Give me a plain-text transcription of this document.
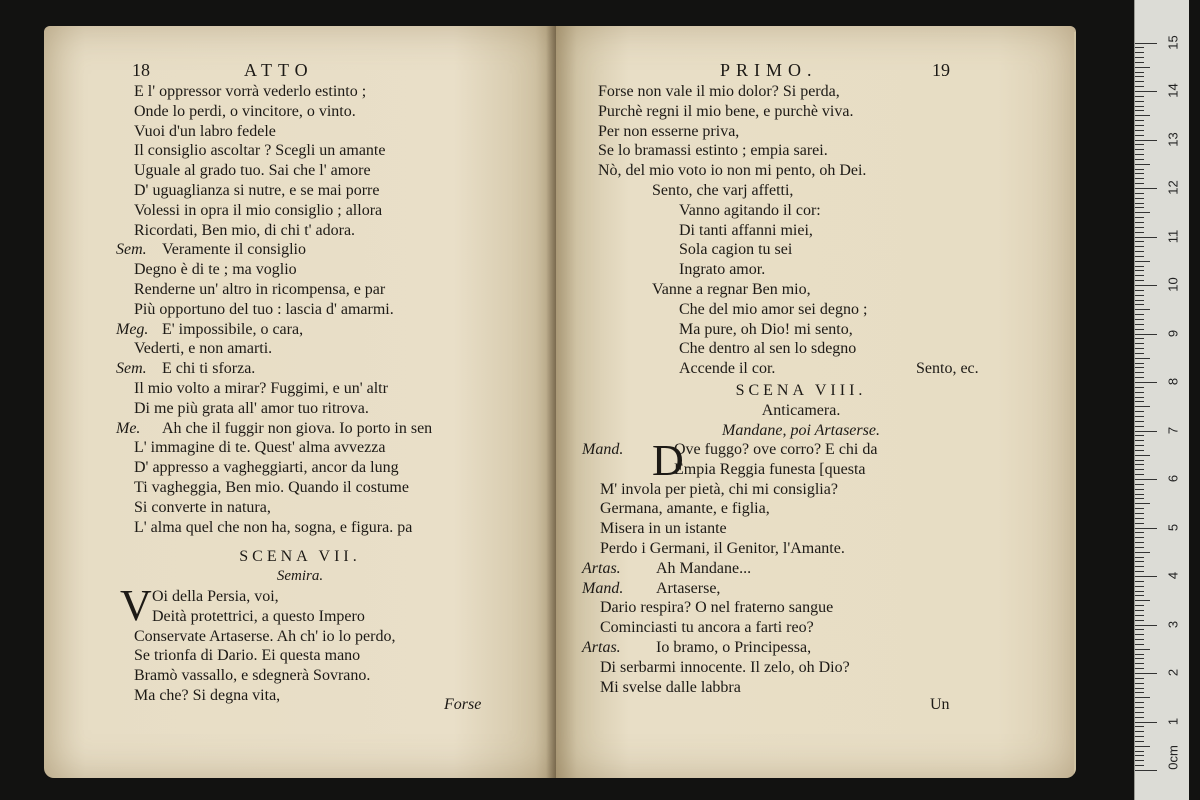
18	ATTO
E l' oppressor vorrà vederlo estinto ;
Onde lo perdi, o vincitore, o vinto.
Vuoi d'un labro fedele
Il consiglio ascoltar ? Scegli un amante
Uguale al grado tuo. Sai che l' amore
D' uguaglianza si nutre, e se mai porre
Volessi in opra il mio consiglio ; allora
Ricordati, Ben mio, di chi t' adora.
Sem. Veramente il consiglio
Degno è di te ; ma voglio
Renderne un' altro in ricompensa, e par
Più opportuno del tuo : lascia d' amarmi.
Meg. E' impossibile, o cara,
Vederti, e non amarti.
Sem. E chi ti sforza.
Il mio volto a mirar? Fuggimi, e un' altr
Di me più grata all' amor tuo ritrova.
Me. Ah che il fuggir non giova. Io porto in sen
L' immagine di te. Quest' alma avvezza
D' appresso a vagheggiarti, ancor da lung
Ti vagheggia, Ben mio. Quando il costume
Si converte in natura,
L' alma quel che non ha, sogna, e figura. pa
SCENA VII.
Semira.
V Oi della Persia, voi,
Deità protettrici, a questo Impero
Conservate Artaserse. Ah ch' io lo perdo,
Se trionfa di Dario. Ei questa mano
Bramò vassallo, e sdegnerà Sovrano.
Ma che? Si degna vita,
Forse
PRIMO.	19
Forse non vale il mio dolor? Si perda,
Purchè regni il mio bene, e purchè viva.
Per non esserne priva,
Se lo bramassi estinto ; empia sarei.
Nò, del mio voto io non mi pento, oh Dei.
Sento, che varj affetti,
Vanno agitando il cor:
Di tanti affanni miei,
Sola cagion tu sei
Ingrato amor.
Vanne a regnar Ben mio,
Che del mio amor sei degno ;
Ma pure, oh Dio! mi sento,
Che dentro al sen lo sdegno
Accende il cor.	Sento, ec.
SCENA VIII.
Anticamera.
Mandane, poi Artaserse.
D
Mand.	Ove fuggo? ove corro? E chi da
Empia Reggia funesta [questa
M' invola per pietà, chi mi consiglia?
Germana, amante, e figlia,
Misera in un istante
Perdo i Germani, il Genitor, l'Amante.
Artas. Ah Mandane...
Mand. Artaserse,
Dario respira? O nel fraterno sangue
Cominciasti tu ancora a farti reo?
Artas. Io bramo, o Principessa,
Di serbarmi innocente. Il zelo, oh Dio?
Mi svelse dalle labbra
Un
0cm
1
2
3
4
5
6
7
8
9
10
11
12
13
14
15
